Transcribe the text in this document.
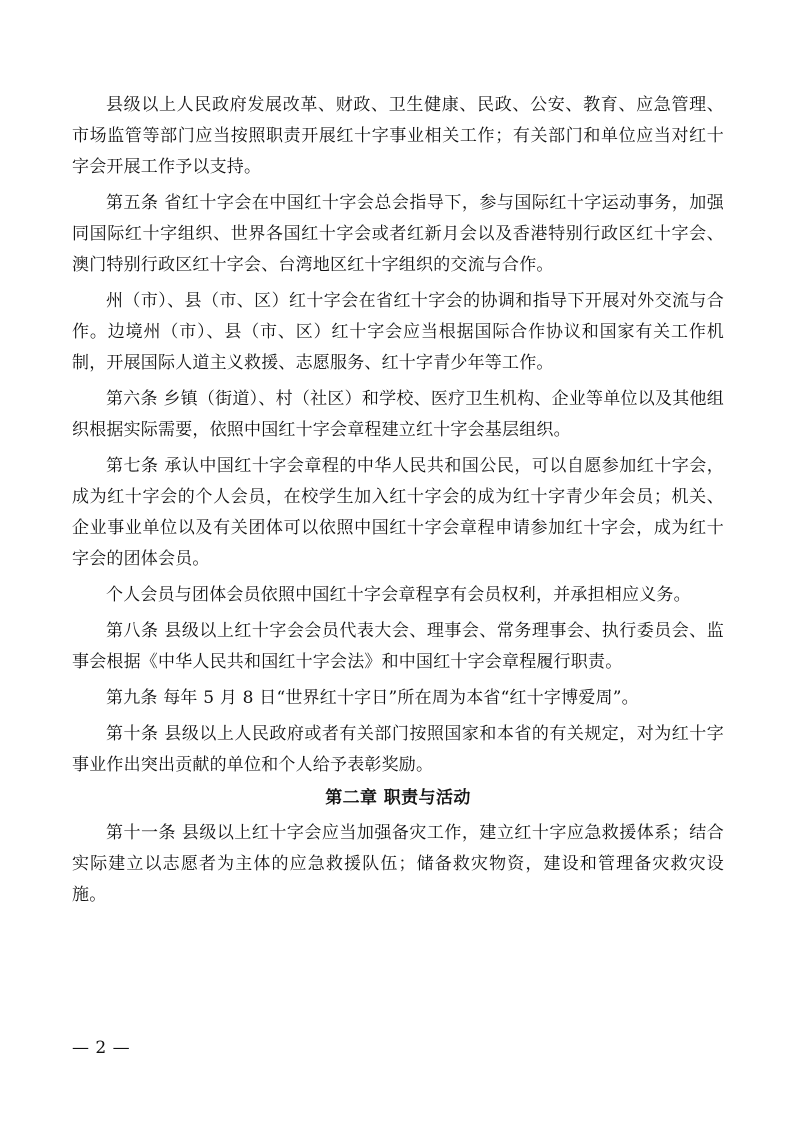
县级以上人民政府发展改革、财政、卫生健康、民政、公安、教育、应急管理、市场监管等部门应当按照职责开展红十字事业相关工作；有关部门和单位应当对红十字会开展工作予以支持。

第五条 省红十字会在中国红十字会总会指导下，参与国际红十字运动事务，加强同国际红十字组织、世界各国红十字会或者红新月会以及香港特别行政区红十字会、澳门特别行政区红十字会、台湾地区红十字组织的交流与合作。

州（市）、县（市、区）红十字会在省红十字会的协调和指导下开展对外交流与合作。边境州（市）、县（市、区）红十字会应当根据国际合作协议和国家有关工作机制，开展国际人道主义救援、志愿服务、红十字青少年等工作。

第六条 乡镇（街道）、村（社区）和学校、医疗卫生机构、企业等单位以及其他组织根据实际需要，依照中国红十字会章程建立红十字会基层组织。

第七条 承认中国红十字会章程的中华人民共和国公民，可以自愿参加红十字会，成为红十字会的个人会员，在校学生加入红十字会的成为红十字青少年会员；机关、企业事业单位以及有关团体可以依照中国红十字会章程申请参加红十字会，成为红十字会的团体会员。

个人会员与团体会员依照中国红十字会章程享有会员权利，并承担相应义务。

第八条 县级以上红十字会会员代表大会、理事会、常务理事会、执行委员会、监事会根据《中华人民共和国红十字会法》和中国红十字会章程履行职责。

第九条 每年 5 月 8 日“世界红十字日”所在周为本省“红十字博爱周”。

第十条 县级以上人民政府或者有关部门按照国家和本省的有关规定，对为红十字事业作出突出贡献的单位和个人给予表彰奖励。

第二章 职责与活动

第十一条 县级以上红十字会应当加强备灾工作，建立红十字应急救援体系；结合实际建立以志愿者为主体的应急救援队伍；储备救灾物资，建设和管理备灾救灾设施。

— 2 —
